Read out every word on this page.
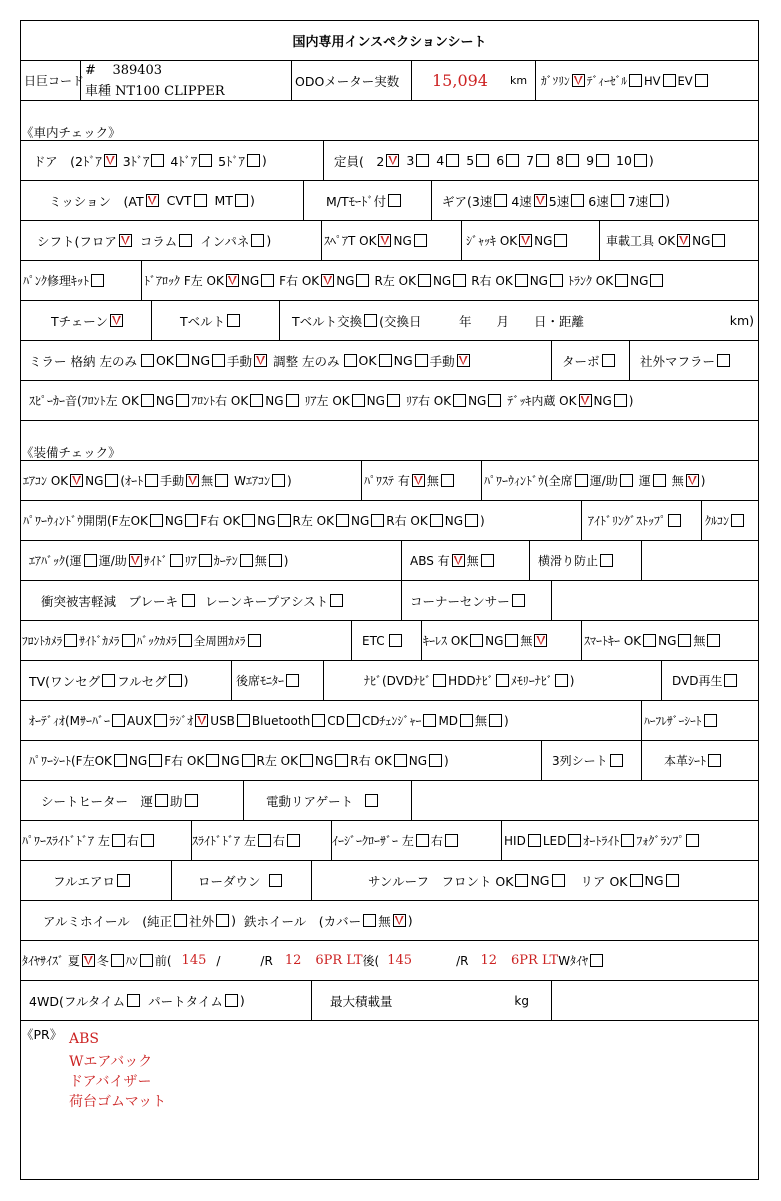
国内専用インスペクションシート
日巨コード
# 389403
車種 NT100 CLIPPER
ODOメーター実数	15,094 km ｶﾞｿﾘﾝ ﾃﾞｨｰｾﾞﾙ HV EV
《車内チェック》
ドア　(2ﾄﾞｱ 3ﾄﾞｱ 4ﾄﾞｱ 5ﾄﾞｱ )	定員(　2 3 4 5 6 7 8 9 10 )
ミッション　(AT CVT MT )	M/Tﾓｰﾄﾞ付	ギア(3速 4速 5速 6速 7速 )
シフト(フロア コラム インパネ )	ｽﾍﾟｱT OK NG	ｼﾞｬｯｷ OK NG	車載工具 OK NG
ﾊﾟﾝｸ修理ｷｯﾄ	ﾄﾞｱﾛｯｸ F左 OK NG F右 OK NG R左 OK NG R右 OK NG ﾄﾗﾝｸ OK NG
Tチェーン	Tベルト	Tベルト交換 (交換日　　　年　　月　　日・距離	km)
ミラー 格納 左のみ OK NG 手動 調整 左のみ OK NG 手動	ターボ	社外マフラー
ｽﾋﾟｰｶｰ音(ﾌﾛﾝﾄ左 OK NG ﾌﾛﾝﾄ右 OK NG ﾘｱ左 OK NG ﾘｱ右 OK NG ﾃﾞｯｷ内蔵 OK NG )
《装備チェック》
ｴｱｺﾝ OK NG (ｵｰﾄ 手動 無 Wｴｱｺﾝ )	ﾊﾟﾜｽﾃ 有 無	ﾊﾟﾜｰｳｨﾝﾄﾞｳ(全席 運/助 運 無 )
ﾊﾟﾜｰｳｨﾝﾄﾞｳ開閉(F左OK NG F右 OK NG R左 OK NG R右 OK NG )	ｱｲﾄﾞﾘﾝｸﾞｽﾄｯﾌﾟ	ｸﾙｺﾝ
ｴｱﾊﾞｯｸ(運 運/助 ｻｲﾄﾞ ﾘｱ ｶｰﾃﾝ 無 )	ABS 有 無	横滑り防止
衝突被害軽減　ブレーキ レーンキープアシスト	コーナーセンサー
ﾌﾛﾝﾄｶﾒﾗ ｻｲﾄﾞｶﾒﾗ ﾊﾞｯｸｶﾒﾗ 全周囲ｶﾒﾗ	ETC	ｷｰﾚｽ OK NG 無	ｽﾏｰﾄｷｰ OK NG 無
TV(ワンセグ フルセグ )	後席ﾓﾆﾀｰ	ﾅﾋﾞ(DVDﾅﾋﾞ HDDﾅﾋﾞ ﾒﾓﾘｰﾅﾋﾞ )	DVD再生
ｵｰﾃﾞｨｵ(Mｻｰﾊﾞｰ AUX ﾗｼﾞｵ USB Bluetooth CD CDﾁｪﾝｼﾞｬｰ MD 無 )	ﾊｰﾌﾚｻﾞｰｼｰﾄ
ﾊﾟﾜｰｼｰﾄ(F左OK NG F右 OK NG R左 OK NG R右 OK NG )	3列シート	本革ｼｰﾄ
シートヒーター　運 助	電動リアゲート
ﾊﾟﾜｰｽﾗｲﾄﾞﾄﾞｱ 左 右	ｽﾗｲﾄﾞﾄﾞｱ 左 右	ｲｰｼﾞｰｸﾛｰｻﾞｰ 左 右	HID LED ｵｰﾄﾗｲﾄ ﾌｫｸﾞﾗﾝﾌﾟ
フルエアロ	ローダウン	サンルーフ　フロント OK NG リア OK NG
アルミホイール　(純正 社外 ) 鉄ホイール　(カバー 無 )
ﾀｲﾔｻｲｽﾞ 夏 冬 ﾊﾝ 前( 145 /	/R 12 6PR LT 後( 145	/R 12 6PR LT Wﾀｲﾔ
4WD(フルタイム パートタイム )	最大積載量	kg
《PR》 ABS
Wエアバック
ドアバイザー
荷台ゴムマット
